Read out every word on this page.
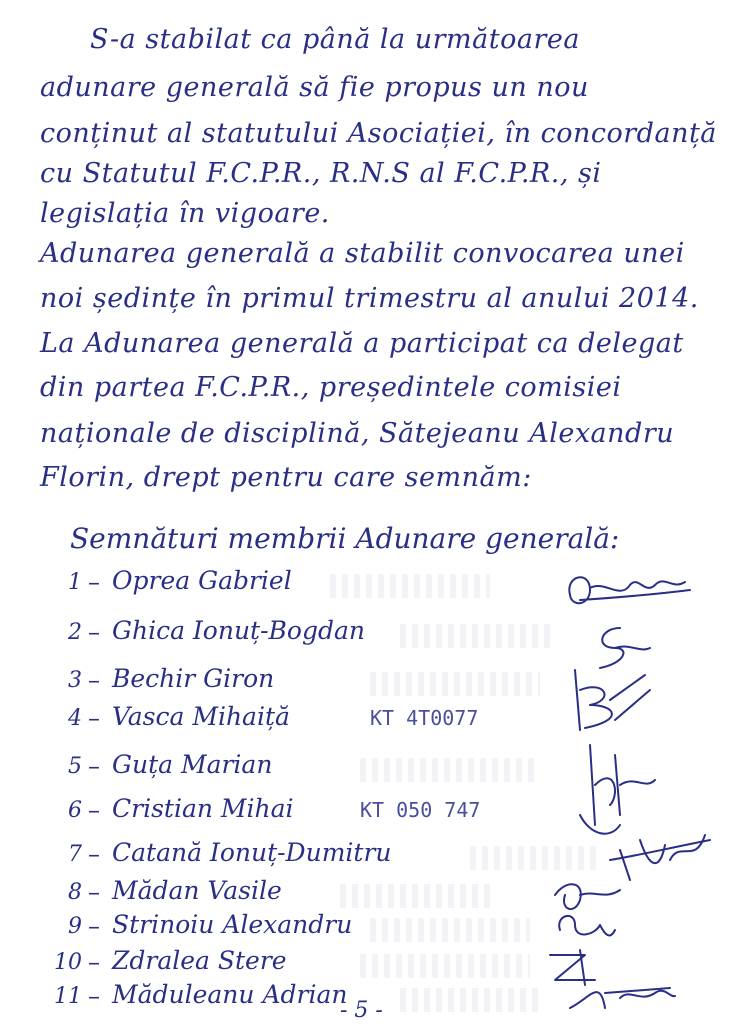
S-a stabilat ca până la următoarea
adunare generală să fie propus un nou
conținut al statutului Asociației, în concordanță
cu Statutul F.C.P.R., R.N.S al F.C.P.R., și
legislația în vigoare.
Adunarea generală a stabilit convocarea unei
noi ședințe în primul trimestru al anului 2014.
La Adunarea generală a participat ca delegat
din partea F.C.P.R., președintele comisiei
naționale de disciplină, Sătejeanu Alexandru
Florin, drept pentru care semnăm:
Semnături membrii Adunare generală:
1 – Oprea Gabriel
2 – Ghica Ionuț-Bogdan
3 – Bechir Giron
4 – Vasca Mihaiță	KT 4T0077
5 – Guța Marian
6 – Cristian Mihai	KT 050 747
7 – Catană Ionuț-Dumitru
8 – Mădan Vasile
9 – Strinoiu Alexandru
10 – Zdralea Stere
11 – Măduleanu Adrian
- 5 -
